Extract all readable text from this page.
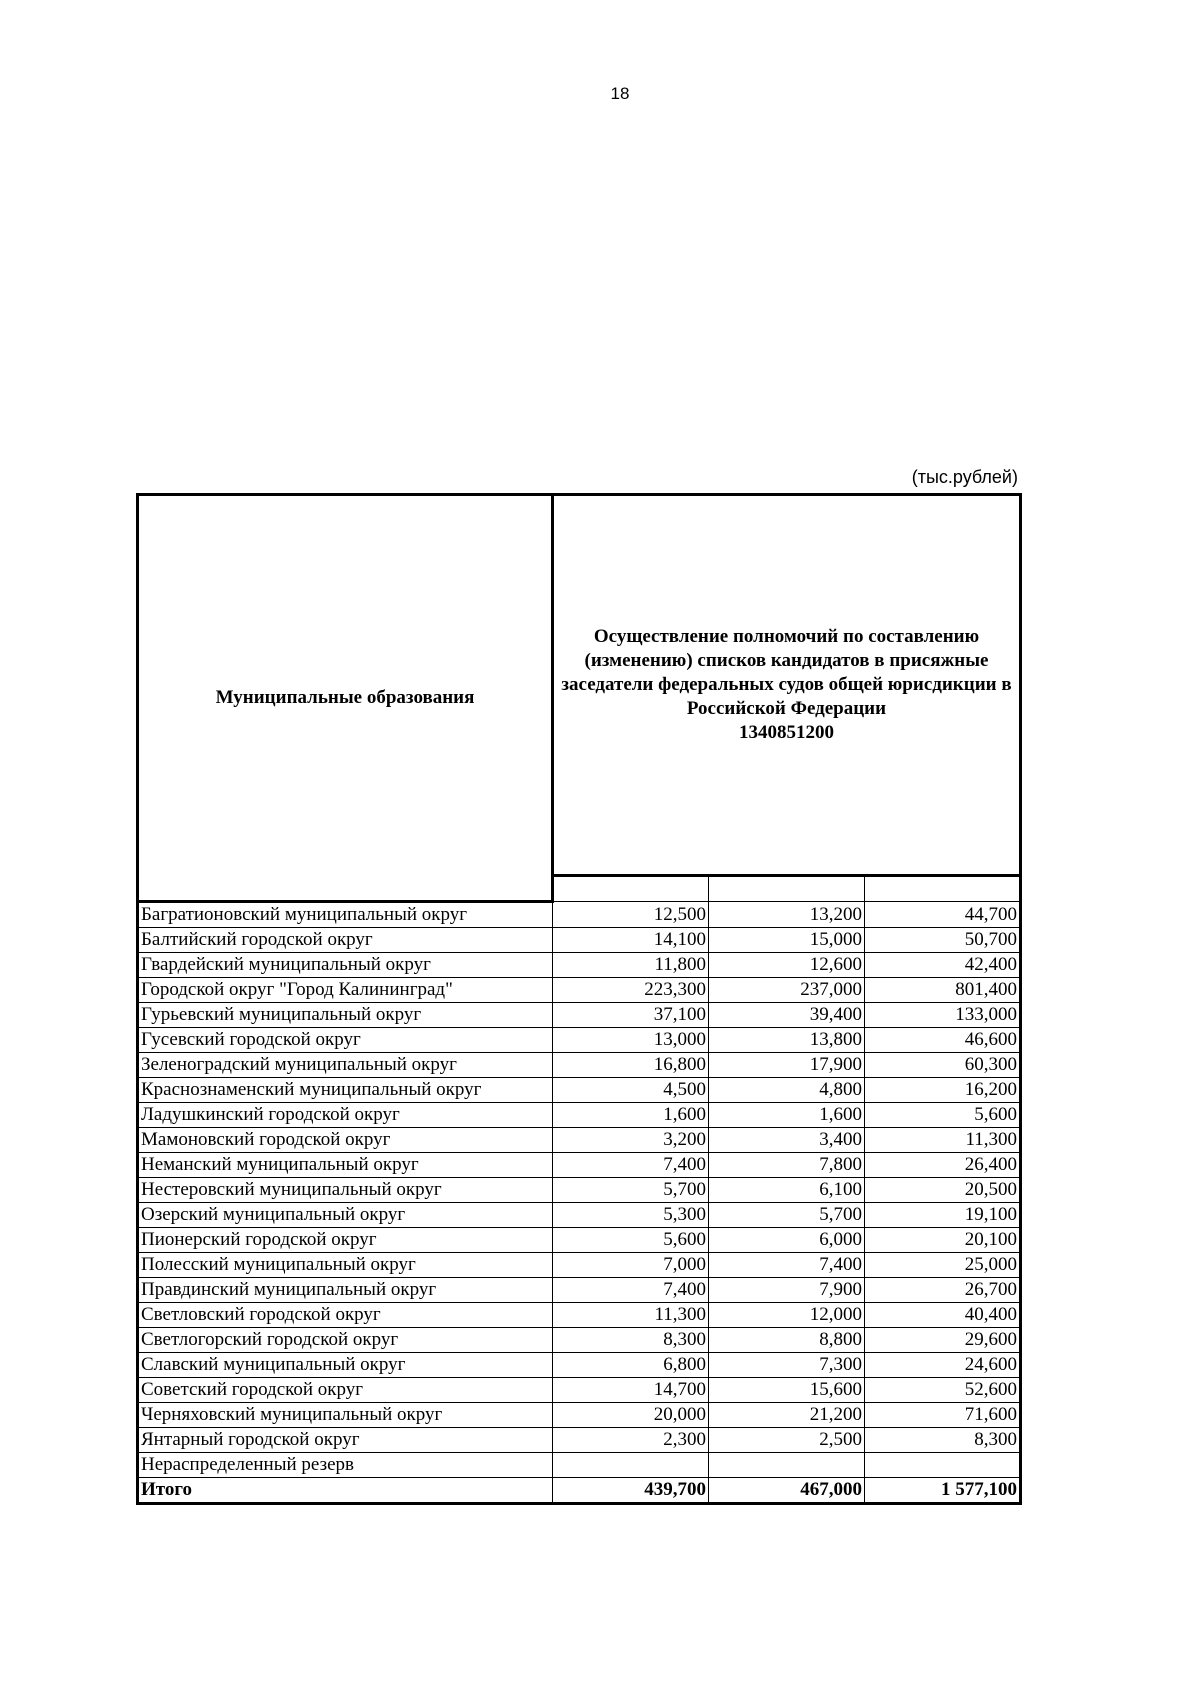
18
(тыс.рублей)
Муниципальные образования	Осуществление полномочий по составлению (изменению) списков кандидатов в присяжные заседатели федеральных судов общей юрисдикции в Российской Федерации
1340851200		

Багратионовский муниципальный округ	12,500	13,200	44,700
Балтийский городской округ	14,100	15,000	50,700
Гвардейский муниципальный округ	11,800	12,600	42,400
Городской округ "Город Калининград"	223,300	237,000	801,400
Гурьевский муниципальный округ	37,100	39,400	133,000
Гусевский городской округ	13,000	13,800	46,600
Зеленоградский муниципальный округ	16,800	17,900	60,300
Краснознаменский муниципальный округ	4,500	4,800	16,200
Ладушкинский городской округ	1,600	1,600	5,600
Мамоновский городской округ	3,200	3,400	11,300
Неманский муниципальный округ	7,400	7,800	26,400
Нестеровский муниципальный округ	5,700	6,100	20,500
Озерский муниципальный округ	5,300	5,700	19,100
Пионерский городской округ	5,600	6,000	20,100
Полесский муниципальный округ	7,000	7,400	25,000
Правдинский муниципальный округ	7,400	7,900	26,700
Светловский городской округ	11,300	12,000	40,400
Светлогорский городской округ	8,300	8,800	29,600
Славский муниципальный округ	6,800	7,300	24,600
Советский городской округ	14,700	15,600	52,600
Черняховский муниципальный округ	20,000	21,200	71,600
Янтарный городской округ	2,300	2,500	8,300
Нераспределенный резерв			
Итого	439,700	467,000	1 577,100
